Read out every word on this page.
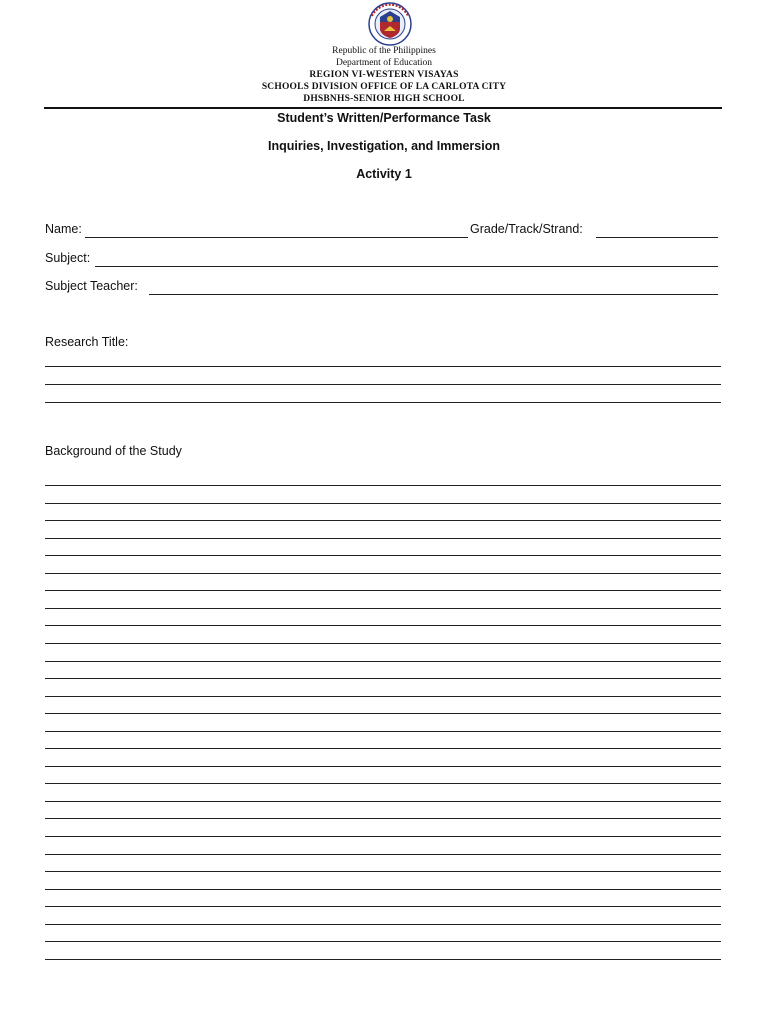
Republic of the Philippines
Department of Education
REGION VI-WESTERN VISAYAS
SCHOOLS DIVISION OFFICE OF LA CARLOTA CITY
DHSBNHS-SENIOR HIGH SCHOOL
Student’s Written/Performance Task
Inquiries, Investigation, and Immersion
Activity 1
Name:	Grade/Track/Strand:
Subject:
Subject Teacher:
Research Title:
Background of the Study
